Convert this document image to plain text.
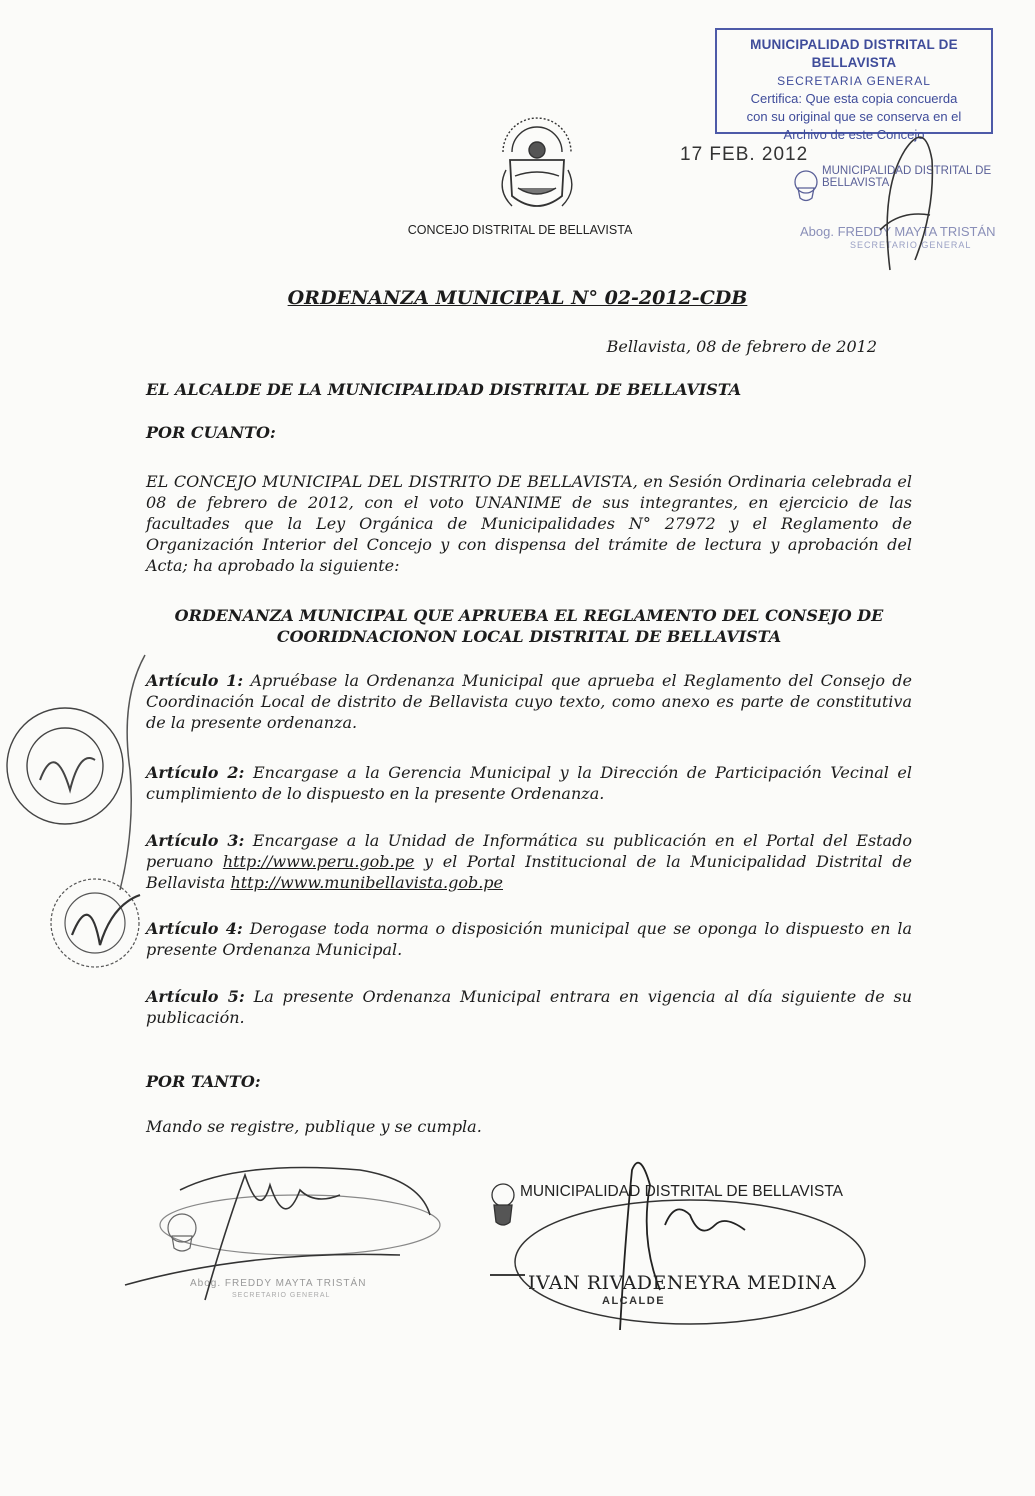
MUNICIPALIDAD DISTRITAL DE BELLAVISTA
SECRETARIA GENERAL
Certifica: Que esta copia concuerda
con su original que se conserva en el
Archivo de este Concejo
17 FEB. 2012
MUNICIPALIDAD DISTRITAL DE BELLAVISTA
Abog. FREDDY MAYTA TRISTÁN
SECRETARIO GENERAL
CONCEJO DISTRITAL DE BELLAVISTA
ORDENANZA MUNICIPAL N° 02-2012-CDB
Bellavista, 08 de febrero de 2012
EL ALCALDE DE LA MUNICIPALIDAD DISTRITAL DE BELLAVISTA
POR CUANTO:
EL CONCEJO MUNICIPAL DEL DISTRITO DE BELLAVISTA, en Sesión Ordinaria celebrada el 08 de febrero de 2012, con el voto UNANIME de sus integrantes, en ejercicio de las facultades que la Ley Orgánica de Municipalidades N° 27972 y el Reglamento de Organización Interior del Concejo y con dispensa del trámite de lectura y aprobación del Acta; ha aprobado la siguiente:
ORDENANZA MUNICIPAL QUE APRUEBA EL REGLAMENTO DEL CONSEJO DE
COORIDNACIONON LOCAL DISTRITAL DE BELLAVISTA
Artículo 1: Apruébase la Ordenanza Municipal que aprueba el Reglamento del Consejo de Coordinación Local de distrito de Bellavista cuyo texto, como anexo es parte de constitutiva de la presente ordenanza.
Artículo 2: Encargase a la Gerencia Municipal y la Dirección de Participación Vecinal el cumplimiento de lo dispuesto en la presente Ordenanza.
Artículo 3: Encargase a la Unidad de Informática su publicación en el Portal del Estado peruano http://www.peru.gob.pe y el Portal Institucional de la Municipalidad Distrital de Bellavista http://www.munibellavista.gob.pe
Artículo 4: Derogase toda norma o disposición municipal que se oponga lo dispuesto en la presente Ordenanza Municipal.
Artículo 5: La presente Ordenanza Municipal entrara en vigencia al día siguiente de su publicación.
POR TANTO:
Mando se registre, publique y se cumpla.
MUNICIPALIDAD DISTRITAL DE BELLAVISTA
IVAN RIVADENEYRA MEDINA
ALCALDE
Abog. FREDDY MAYTA TRISTÁN
SECRETARIO GENERAL
